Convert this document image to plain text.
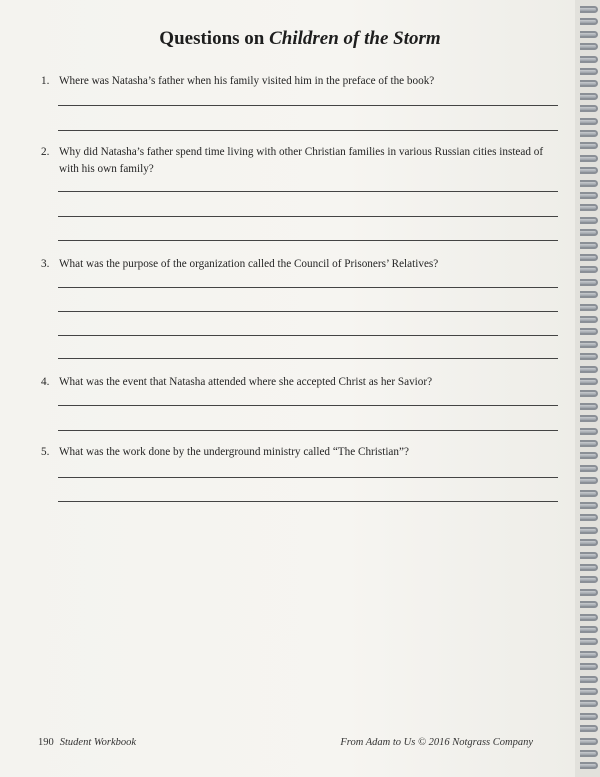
Questions on Children of the Storm
1. Where was Natasha’s father when his family visited him in the preface of the book?
2. Why did Natasha’s father spend time living with other Christian families in various Russian cities instead of with his own family?
3. What was the purpose of the organization called the Council of Prisoners’ Relatives?
4. What was the event that Natasha attended where she accepted Christ as her Savior?
5. What was the work done by the underground ministry called “The Christian”?
190 Student Workbook	From Adam to Us © 2016 Notgrass Company
